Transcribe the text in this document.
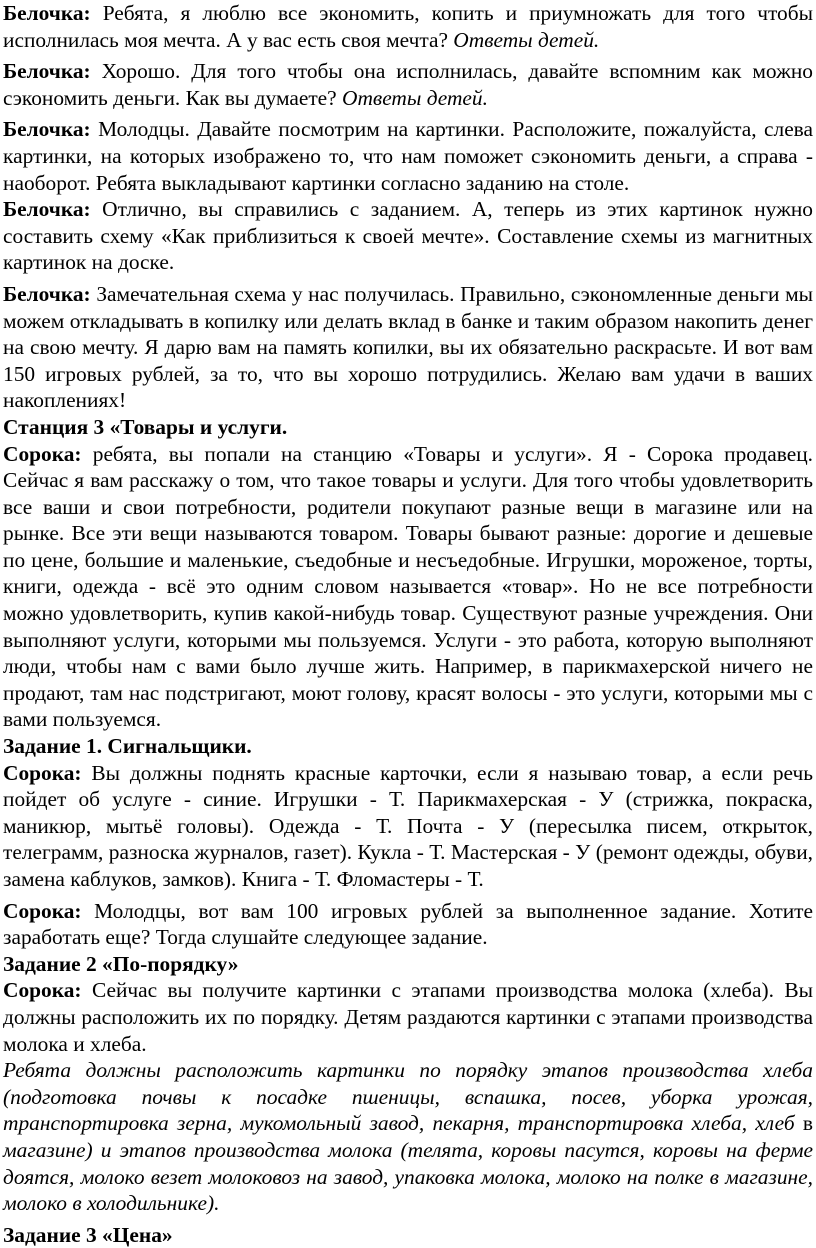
Белочка: Ребята, я люблю все экономить, копить и приумножать для того чтобы исполнилась моя мечта. А у вас есть своя мечта? Ответы детей.

Белочка: Хорошо. Для того чтобы она исполнилась, давайте вспомним как можно сэкономить деньги. Как вы думаете? Ответы детей.

Белочка: Молодцы. Давайте посмотрим на картинки. Расположите, пожалуйста, слева картинки, на которых изображено то, что нам поможет сэкономить деньги, а справа - наоборот. Ребята выкладывают картинки согласно заданию на столе.

Белочка: Отлично, вы справились с заданием. А, теперь из этих картинок нужно составить схему «Как приблизиться к своей мечте». Составление схемы из магнитных картинок на доске.

Белочка: Замечательная схема у нас получилась. Правильно, сэкономленные деньги мы можем откладывать в копилку или делать вклад в банке и таким образом накопить денег на свою мечту. Я дарю вам на память копилки, вы их обязательно раскрасьте. И вот вам 150 игровых рублей, за то, что вы хорошо потрудились. Желаю вам удачи в ваших накоплениях!

Станция 3 «Товары и услуги.

Сорока: ребята, вы попали на станцию «Товары и услуги». Я - Сорока продавец. Сейчас я вам расскажу о том, что такое товары и услуги. Для того чтобы удовлетворить все ваши и свои потребности, родители покупают разные вещи в магазине или на рынке. Все эти вещи называются товаром. Товары бывают разные: дорогие и дешевые по цене, большие и маленькие, съедобные и несъедобные. Игрушки, мороженое, торты, книги, одежда - всё это одним словом называется «товар». Но не все потребности можно удовлетворить, купив какой-нибудь товар. Существуют разные учреждения. Они выполняют услуги, которыми мы пользуемся. Услуги - это работа, которую выполняют люди, чтобы нам с вами было лучше жить. Например, в парикмахерской ничего не продают, там нас подстригают, моют голову, красят волосы - это услуги, которыми мы с вами пользуемся.

Задание 1. Сигнальщики.

Сорока: Вы должны поднять красные карточки, если я называю товар, а если речь пойдет об услуге - синие. Игрушки - Т. Парикмахерская - У (стрижка, покраска, маникюр, мытьё головы). Одежда - Т. Почта - У (пересылка писем, открыток, телеграмм, разноска журналов, газет). Кукла - Т. Мастерская - У (ремонт одежды, обуви, замена каблуков, замков). Книга - Т. Фломастеры - Т.

Сорока: Молодцы, вот вам 100 игровых рублей за выполненное задание. Хотите заработать еще? Тогда слушайте следующее задание.

Задание 2 «По-порядку»

Сорока: Сейчас вы получите картинки с этапами производства молока (хлеба). Вы должны расположить их по порядку. Детям раздаются картинки с этапами производства молока и хлеба.

Ребята должны расположить картинки по порядку этапов производства хлеба (подготовка почвы к посадке пшеницы, вспашка, посев, уборка урожая, транспортировка зерна, мукомольный завод, пекарня, транспортировка хлеба, хлеб в магазине) и этапов производства молока (телята, коровы пасутся, коровы на ферме доятся, молоко везет молоковоз на завод, упаковка молока, молоко на полке в магазине, молоко в холодильнике).

Задание 3 «Цена»
